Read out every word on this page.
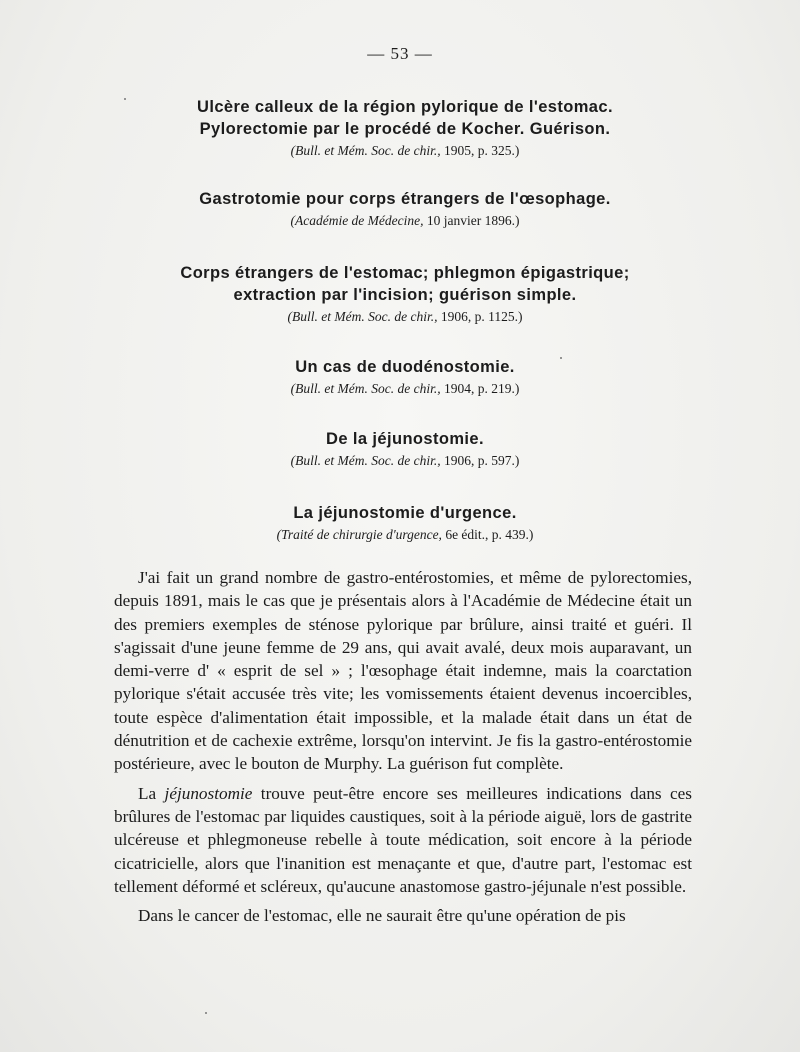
— 53 —
Ulcère calleux de la région pylorique de l'estomac.
Pylorectomie par le procédé de Kocher. Guérison.
(Bull. et Mém. Soc. de chir., 1905, p. 325.)
Gastrotomie pour corps étrangers de l'œsophage.
(Académie de Médecine, 10 janvier 1896.)
Corps étrangers de l'estomac; phlegmon épigastrique;
extraction par l'incision; guérison simple.
(Bull. et Mém. Soc. de chir., 1906, p. 1125.)
Un cas de duodénostomie.
(Bull. et Mém. Soc. de chir., 1904, p. 219.)
De la jéjunostomie.
(Bull. et Mém. Soc. de chir., 1906, p. 597.)
La jéjunostomie d'urgence.
(Traité de chirurgie d'urgence, 6e édit., p. 439.)

J'ai fait un grand nombre de gastro-entérostomies, et même de pylorectomies, depuis 1891, mais le cas que je présentais alors à l'Académie de Médecine était un des premiers exemples de sténose pylorique par brûlure, ainsi traité et guéri. Il s'agissait d'une jeune femme de 29 ans, qui avait avalé, deux mois auparavant, un demi-verre d' « esprit de sel » ; l'œsophage était indemne, mais la coarctation pylorique s'était accusée très vite; les vomissements étaient devenus incoercibles, toute espèce d'alimentation était impossible, et la malade était dans un état de dénutrition et de cachexie extrême, lorsqu'on intervint. Je fis la gastro-entérostomie postérieure, avec le bouton de Murphy. La guérison fut complète.

La jéjunostomie trouve peut-être encore ses meilleures indications dans ces brûlures de l'estomac par liquides caustiques, soit à la période aiguë, lors de gastrite ulcéreuse et phlegmoneuse rebelle à toute médication, soit encore à la période cicatricielle, alors que l'inanition est menaçante et que, d'autre part, l'estomac est tellement déformé et scléreux, qu'aucune anastomose gastro-jéjunale n'est possible.

Dans le cancer de l'estomac, elle ne saurait être qu'une opération de pis
